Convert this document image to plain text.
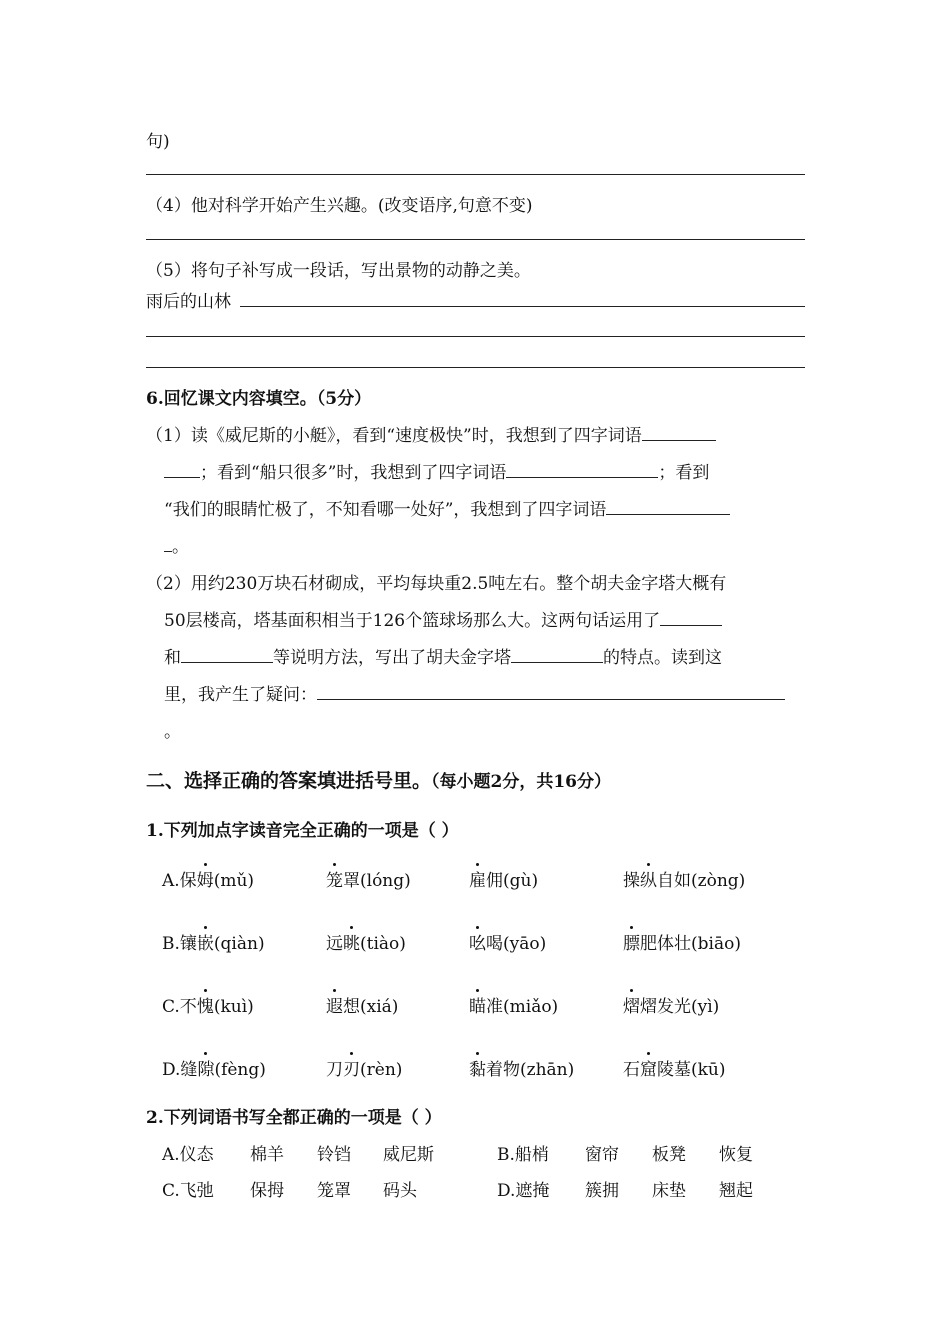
句)
（4）他对科学开始产生兴趣。(改变语序,句意不变)
（5）将句子补写成一段话，写出景物的动静之美。
雨后的山林
6.回忆课文内容填空。（5分）
（1）读《威尼斯的小艇》，看到“速度极快”时，我想到了四字词语
；看到“船只很多”时，我想到了四字词语	；看到
“我们的眼睛忙极了，不知看哪一处好”，我想到了四字词语
。
（2）用约230万块石材砌成，平均每块重2.5吨左右。整个胡夫金字塔大概有
50层楼高，塔基面积相当于126个篮球场那么大。这两句话运用了
和	等说明方法，写出了胡夫金字塔	的特点。读到这
里，我产生了疑问：
。
二、选择正确的答案填进括号里。（每小题2分，共16分）
1.下列加点字读音完全正确的一项是（ ）
A.保姆(mǔ)	笼罩(lóng)	雇佣(gù)	操纵自如(zòng)
B.镶嵌(qiàn)	远眺(tiào)	吆喝(yāo)	膘肥体壮(biāo)
C.不愧(kuì)	遐想(xiá)	瞄准(miǎo)	熠熠发光(yì)
D.缝隙(fèng)	刀刃(rèn)	黏着物(zhān)	石窟陵墓(kū)
2.下列词语书写全都正确的一项是（ ）
A.仪态 棉羊 铃铛 威尼斯	B.船梢 窗帘 板凳 恢复
C.飞弛 保拇 笼罩 码头	D.遮掩 簇拥 床垫 翘起
